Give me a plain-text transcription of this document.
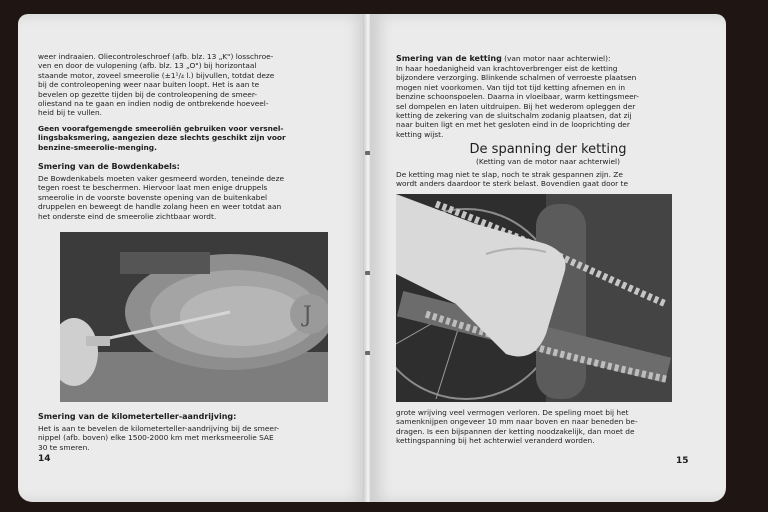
weer indraaien. Oliecontroleschroef (afb. blz. 13 „K") losschroe-

ven en door de vulopening (afb. blz. 13 „O") bij horizontaal

staande motor, zoveel smeerolie (±1¹/₄ l.) bijvullen, totdat deze

bij de controleopening weer naar buiten loopt. Het is aan te

bevelen op gezette tijden bij de controleopening de smeer-

oliestand na te gaan en indien nodig de ontbrekende hoeveel-

heid bij te vullen.

Geen voorafgemengde smeeroliën gebruiken voor versnel-

lingsbaksmering, aangezien deze slechts geschikt zijn voor

benzine-smeerolie-menging.

Smering van de Bowdenkabels:

De Bowdenkabels moeten vaker gesmeerd worden, teneinde deze

tegen roest te beschermen. Hiervoor laat men enige druppels

smeerolie in de voorste bovenste opening van de buitenkabel

druppelen en beweegt de handle zolang heen en weer totdat aan

het onderste eind de smeerolie zichtbaar wordt.

J
Smering van de kilometerteller-aandrijving:

Het is aan te bevelen de kilometerteller-aandrijving bij de smeer-

nippel (afb. boven) elke 1500-2000 km met merksmeerolie SAE

30 te smeren.

14
Smering van de ketting (van motor naar achterwiel):

In haar hoedanigheid van krachtoverbrenger eist de ketting

bijzondere verzorging. Blinkende schalmen of verroeste plaatsen

mogen niet voorkomen. Van tijd tot tijd ketting afnemen en in

benzine schoonspoelen. Daarna in vloeibaar, warm kettingsmeer-

sel dompelen en laten uitdruipen. Bij het wederom opleggen der

ketting de zekering van de sluitschalm zodanig plaatsen, dat zij

naar buiten ligt en met het gesloten eind in de looprichting der

ketting wijst.

De spanning der ketting
(Ketting van de motor naar achterwiel)

De ketting mag niet te slap, noch te strak gespannen zijn. Ze

wordt anders daardoor te sterk belast. Bovendien gaat door te

grote wrijving veel vermogen verloren. De speling moet bij het

samenknijpen ongeveer 10 mm naar boven en naar beneden be-

dragen. Is een bijspannen der ketting noodzakelijk, dan moet de

kettingspanning bij het achterwiel veranderd worden.

15
